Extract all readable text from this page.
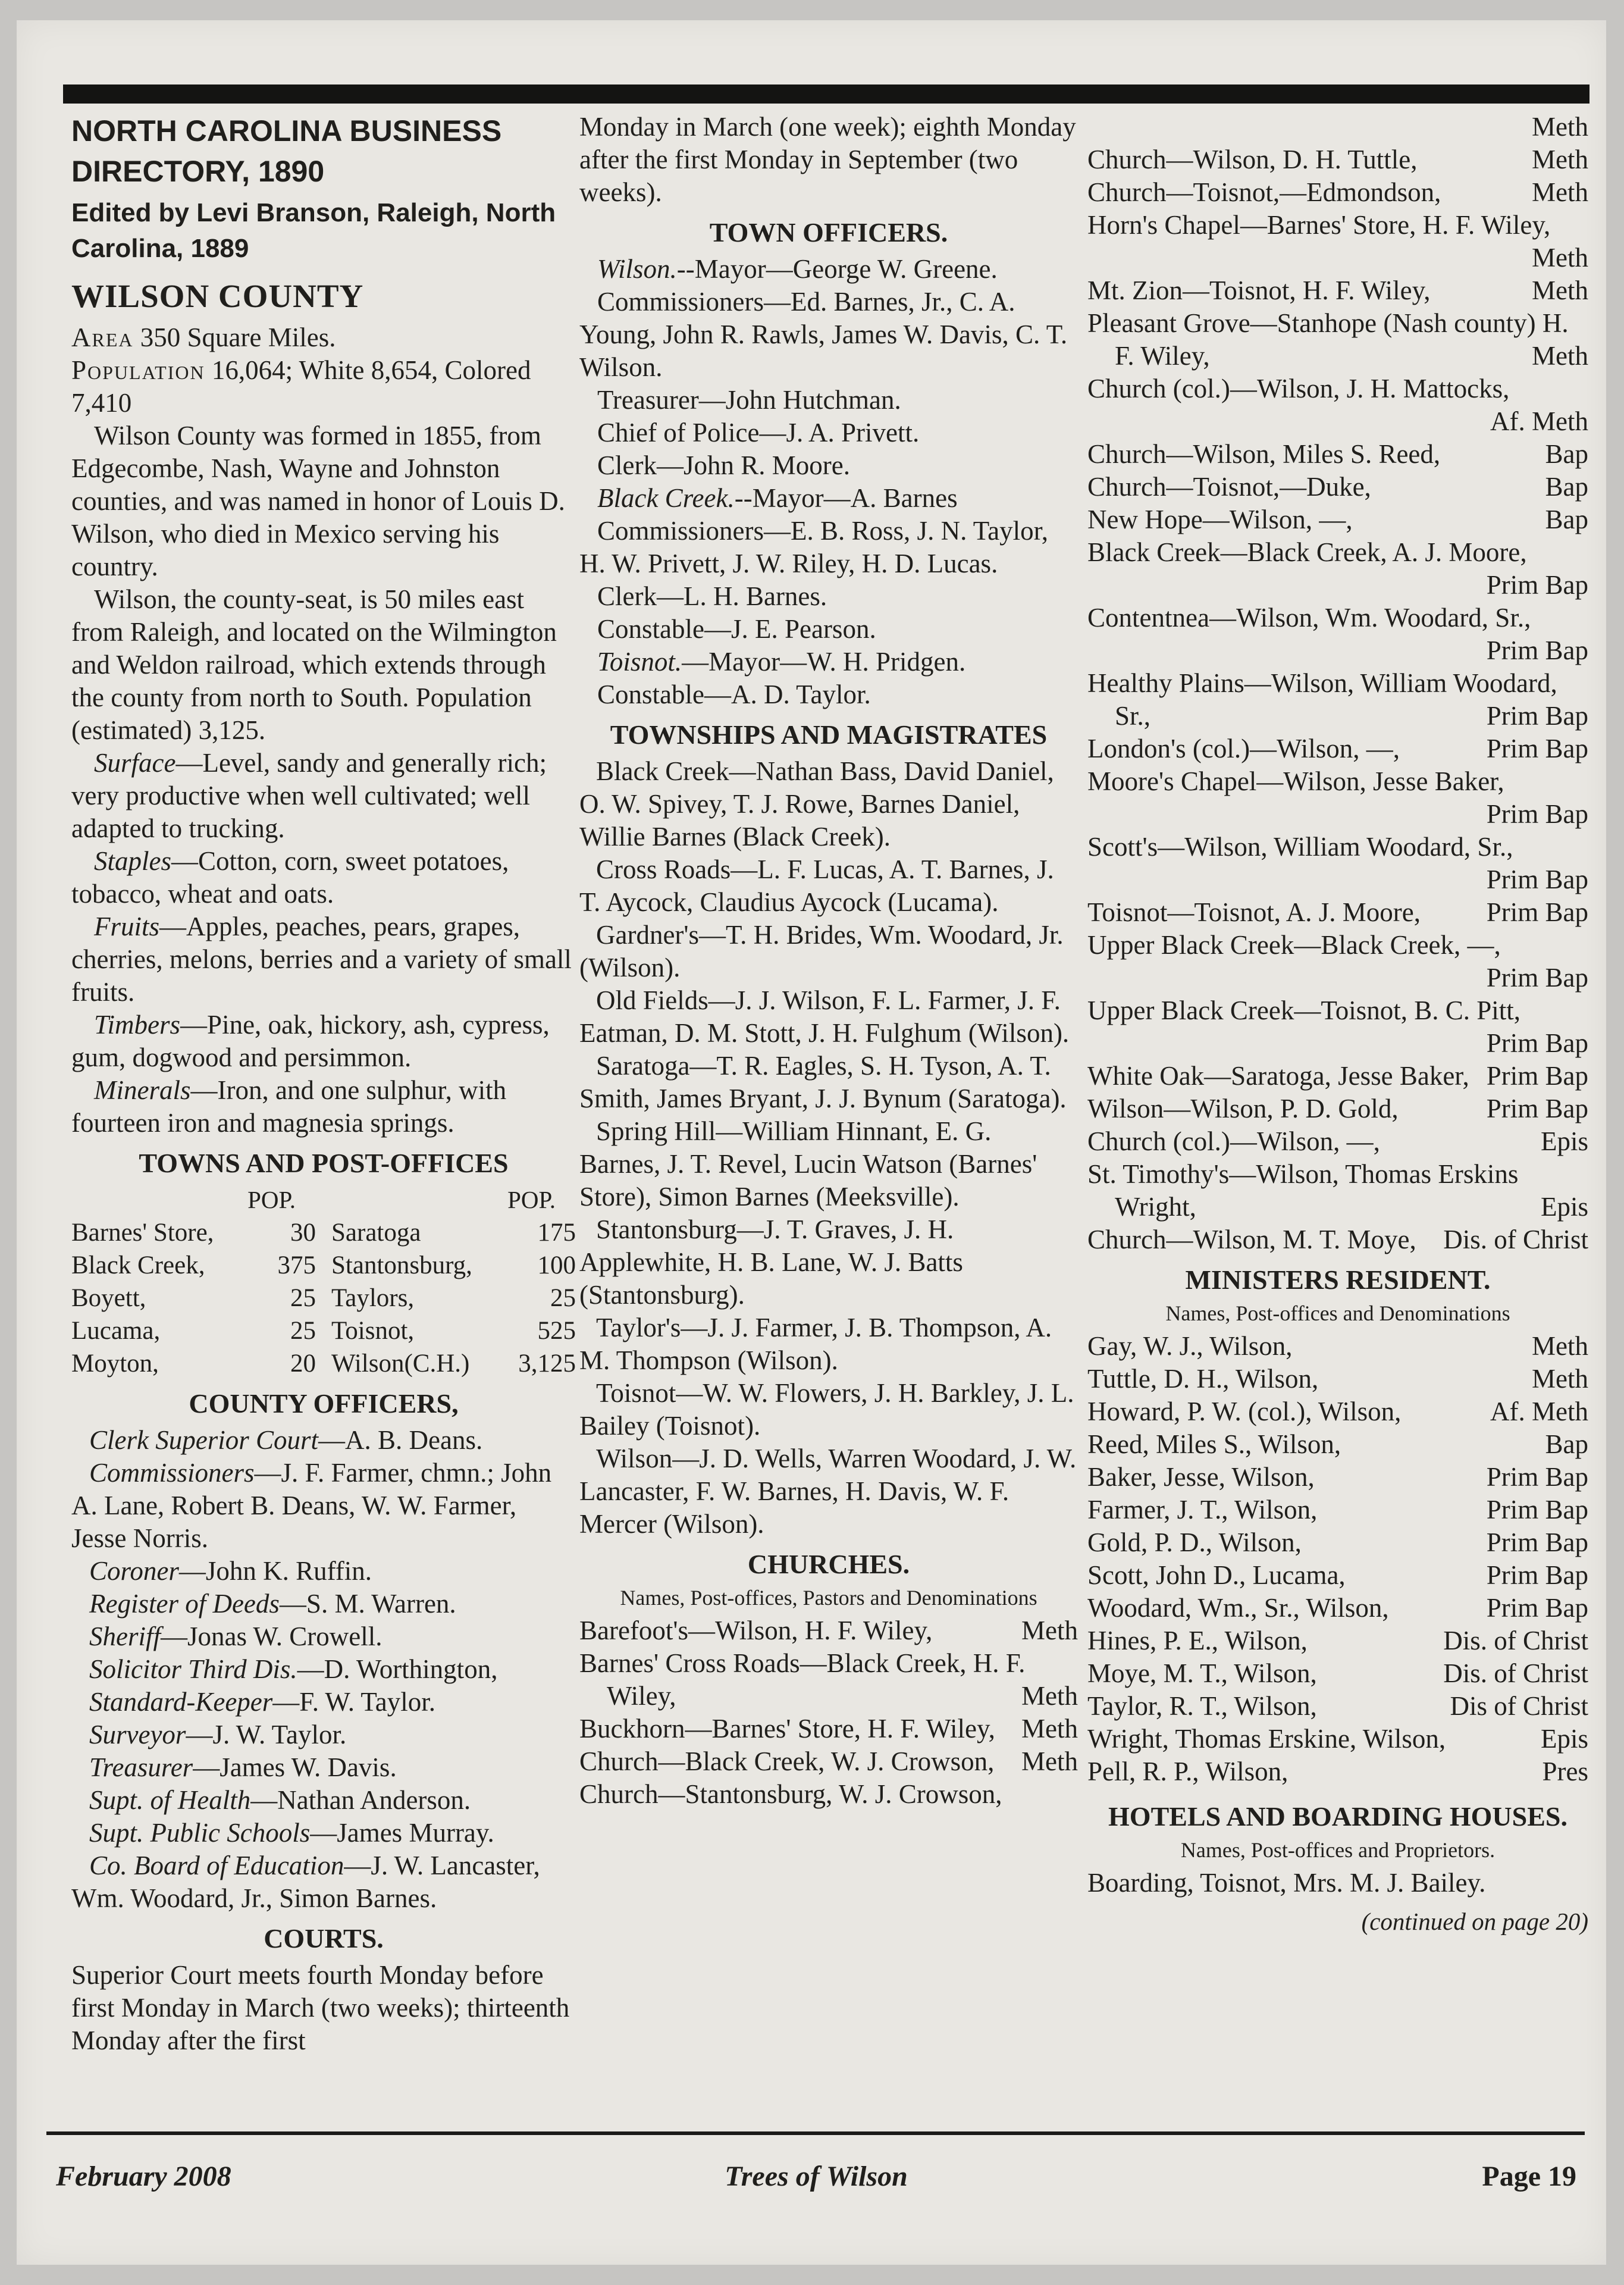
NORTH CAROLINA BUSINESS DIRECTORY, 1890
Edited by Levi Branson, Raleigh, North Carolina, 1889
WILSON COUNTY
Area 350 Square Miles.
Population 16,064; White 8,654, Colored 7,410
Wilson County was formed in 1855, from Edgecombe, Nash, Wayne and Johnston counties, and was named in honor of Louis D. Wilson, who died in Mexico serving his country.
Wilson, the county-seat, is 50 miles east from Raleigh, and located on the Wilmington and Weldon railroad, which extends through the county from north to South. Population (estimated) 3,125.
Surface—Level, sandy and generally rich; very productive when well cultivated; well adapted to trucking.
Staples—Cotton, corn, sweet potatoes, tobacco, wheat and oats.
Fruits—Apples, peaches, pears, grapes, cherries, melons, berries and a variety of small fruits.
Timbers—Pine, oak, hickory, ash, cypress, gum, dogwood and persimmon.
Minerals—Iron, and one sulphur, with fourteen iron and magnesia springs.
TOWNS AND POST-OFFICES
POP.
Barnes' Store,	30
Black Creek,	375
Boyett,	25
Lucama,	25
Moyton,	20
POP.
Saratoga	175
Stantonsburg,	100
Taylors,	25
Toisnot,	525
Wilson(C.H.) 3,125
COUNTY OFFICERS,
Clerk Superior Court—A. B. Deans.
Commissioners—J. F. Farmer, chmn.; John A. Lane, Robert B. Deans, W. W. Farmer, Jesse Norris.
Coroner—John K. Ruffin.
Register of Deeds—S. M. Warren.
Sheriff—Jonas W. Crowell.
Solicitor Third Dis.—D. Worthington,
Standard-Keeper—F. W. Taylor.
Surveyor—J. W. Taylor.
Treasurer—James W. Davis.
Supt. of Health—Nathan Anderson.
Supt. Public Schools—James Murray.
Co. Board of Education—J. W. Lancaster, Wm. Woodard, Jr., Simon Barnes.
COURTS.
Superior Court meets fourth Monday before first Monday in March (two weeks); thirteenth Monday after the first
Monday in March (one week); eighth Monday after the first Monday in September (two weeks).
TOWN OFFICERS.
Wilson.--Mayor—George W. Greene.
Commissioners—Ed. Barnes, Jr., C. A. Young, John R. Rawls, James W. Davis, C. T. Wilson.
Treasurer—John Hutchman.
Chief of Police—J. A. Privett.
Clerk—John R. Moore.
Black Creek.--Mayor—A. Barnes
Commissioners—E. B. Ross, J. N. Taylor, H. W. Privett, J. W. Riley, H. D. Lucas.
Clerk—L. H. Barnes.
Constable—J. E. Pearson.
Toisnot.—Mayor—W. H. Pridgen.
Constable—A. D. Taylor.
TOWNSHIPS AND MAGISTRATES
Black Creek—Nathan Bass, David Daniel, O. W. Spivey, T. J. Rowe, Barnes Daniel, Willie Barnes (Black Creek).
Cross Roads—L. F. Lucas, A. T. Barnes, J. T. Aycock, Claudius Aycock (Lucama).
Gardner's—T. H. Brides, Wm. Woodard, Jr. (Wilson).
Old Fields—J. J. Wilson, F. L. Farmer, J. F. Eatman, D. M. Stott, J. H. Fulghum (Wilson).
Saratoga—T. R. Eagles, S. H. Tyson, A. T. Smith, James Bryant, J. J. Bynum (Saratoga).
Spring Hill—William Hinnant, E. G. Barnes, J. T. Revel, Lucin Watson (Barnes' Store), Simon Barnes (Meeksville).
Stantonsburg—J. T. Graves, J. H. Applewhite, H. B. Lane, W. J. Batts (Stantonsburg).
Taylor's—J. J. Farmer, J. B. Thompson, A. M. Thompson (Wilson).
Toisnot—W. W. Flowers, J. H. Barkley, J. L. Bailey (Toisnot).
Wilson—J. D. Wells, Warren Woodard, J. W. Lancaster, F. W. Barnes, H. Davis, W. F. Mercer (Wilson).
CHURCHES.
Names, Post-offices, Pastors and Denominations
Barefoot's—Wilson, H. F. Wiley,	Meth
Barnes' Cross Roads—Black Creek, H. F. Wiley,	Meth
Buckhorn—Barnes' Store, H. F. Wiley, Meth
Church—Black Creek, W. J. Crowson, Meth
Church—Stantonsburg, W. J. Crowson,
Meth
Church—Wilson, D. H. Tuttle,	Meth
Church—Toisnot,—Edmondson,	Meth
Horn's Chapel—Barnes' Store, H. F. Wiley,
Meth
Mt. Zion—Toisnot, H. F. Wiley,	Meth
Pleasant Grove—Stanhope (Nash county) H. F. Wiley,	Meth
Church (col.)—Wilson, J. H. Mattocks,
Af. Meth
Church—Wilson, Miles S. Reed,	Bap
Church—Toisnot,—Duke,	Bap
New Hope—Wilson, —,	Bap
Black Creek—Black Creek, A. J. Moore,
Prim Bap
Contentnea—Wilson, Wm. Woodard, Sr.,
Prim Bap
Healthy Plains—Wilson, William Woodard, Sr.,	Prim Bap
London's (col.)—Wilson, —,	Prim Bap
Moore's Chapel—Wilson, Jesse Baker,
Prim Bap
Scott's—Wilson, William Woodard, Sr.,
Prim Bap
Toisnot—Toisnot, A. J. Moore, Prim Bap
Upper Black Creek—Black Creek, —,
Prim Bap
Upper Black Creek—Toisnot, B. C. Pitt,
Prim Bap
White Oak—Saratoga, Jesse Baker, Prim Bap
Wilson—Wilson, P. D. Gold,	Prim Bap
Church (col.)—Wilson, —,	Epis
St. Timothy's—Wilson, Thomas Erskins Wright,	Epis
Church—Wilson, M. T. Moye, Dis. of Christ
MINISTERS RESIDENT.
Names, Post-offices and Denominations
Gay, W. J., Wilson,	Meth
Tuttle, D. H., Wilson,	Meth
Howard, P. W. (col.), Wilson,	Af. Meth
Reed, Miles S., Wilson,	Bap
Baker, Jesse, Wilson,	Prim Bap
Farmer, J. T., Wilson,	Prim Bap
Gold, P. D., Wilson,	Prim Bap
Scott, John D., Lucama,	Prim Bap
Woodard, Wm., Sr., Wilson,	Prim Bap
Hines, P. E., Wilson,	Dis. of Christ
Moye, M. T., Wilson,	Dis. of Christ
Taylor, R. T., Wilson,	Dis of Christ
Wright, Thomas Erskine, Wilson,	Epis
Pell, R. P., Wilson,	Pres
HOTELS AND BOARDING HOUSES.
Names, Post-offices and Proprietors.
Boarding, Toisnot, Mrs. M. J. Bailey.
(continued on page 20)
February 2008	Trees of Wilson	Page 19
